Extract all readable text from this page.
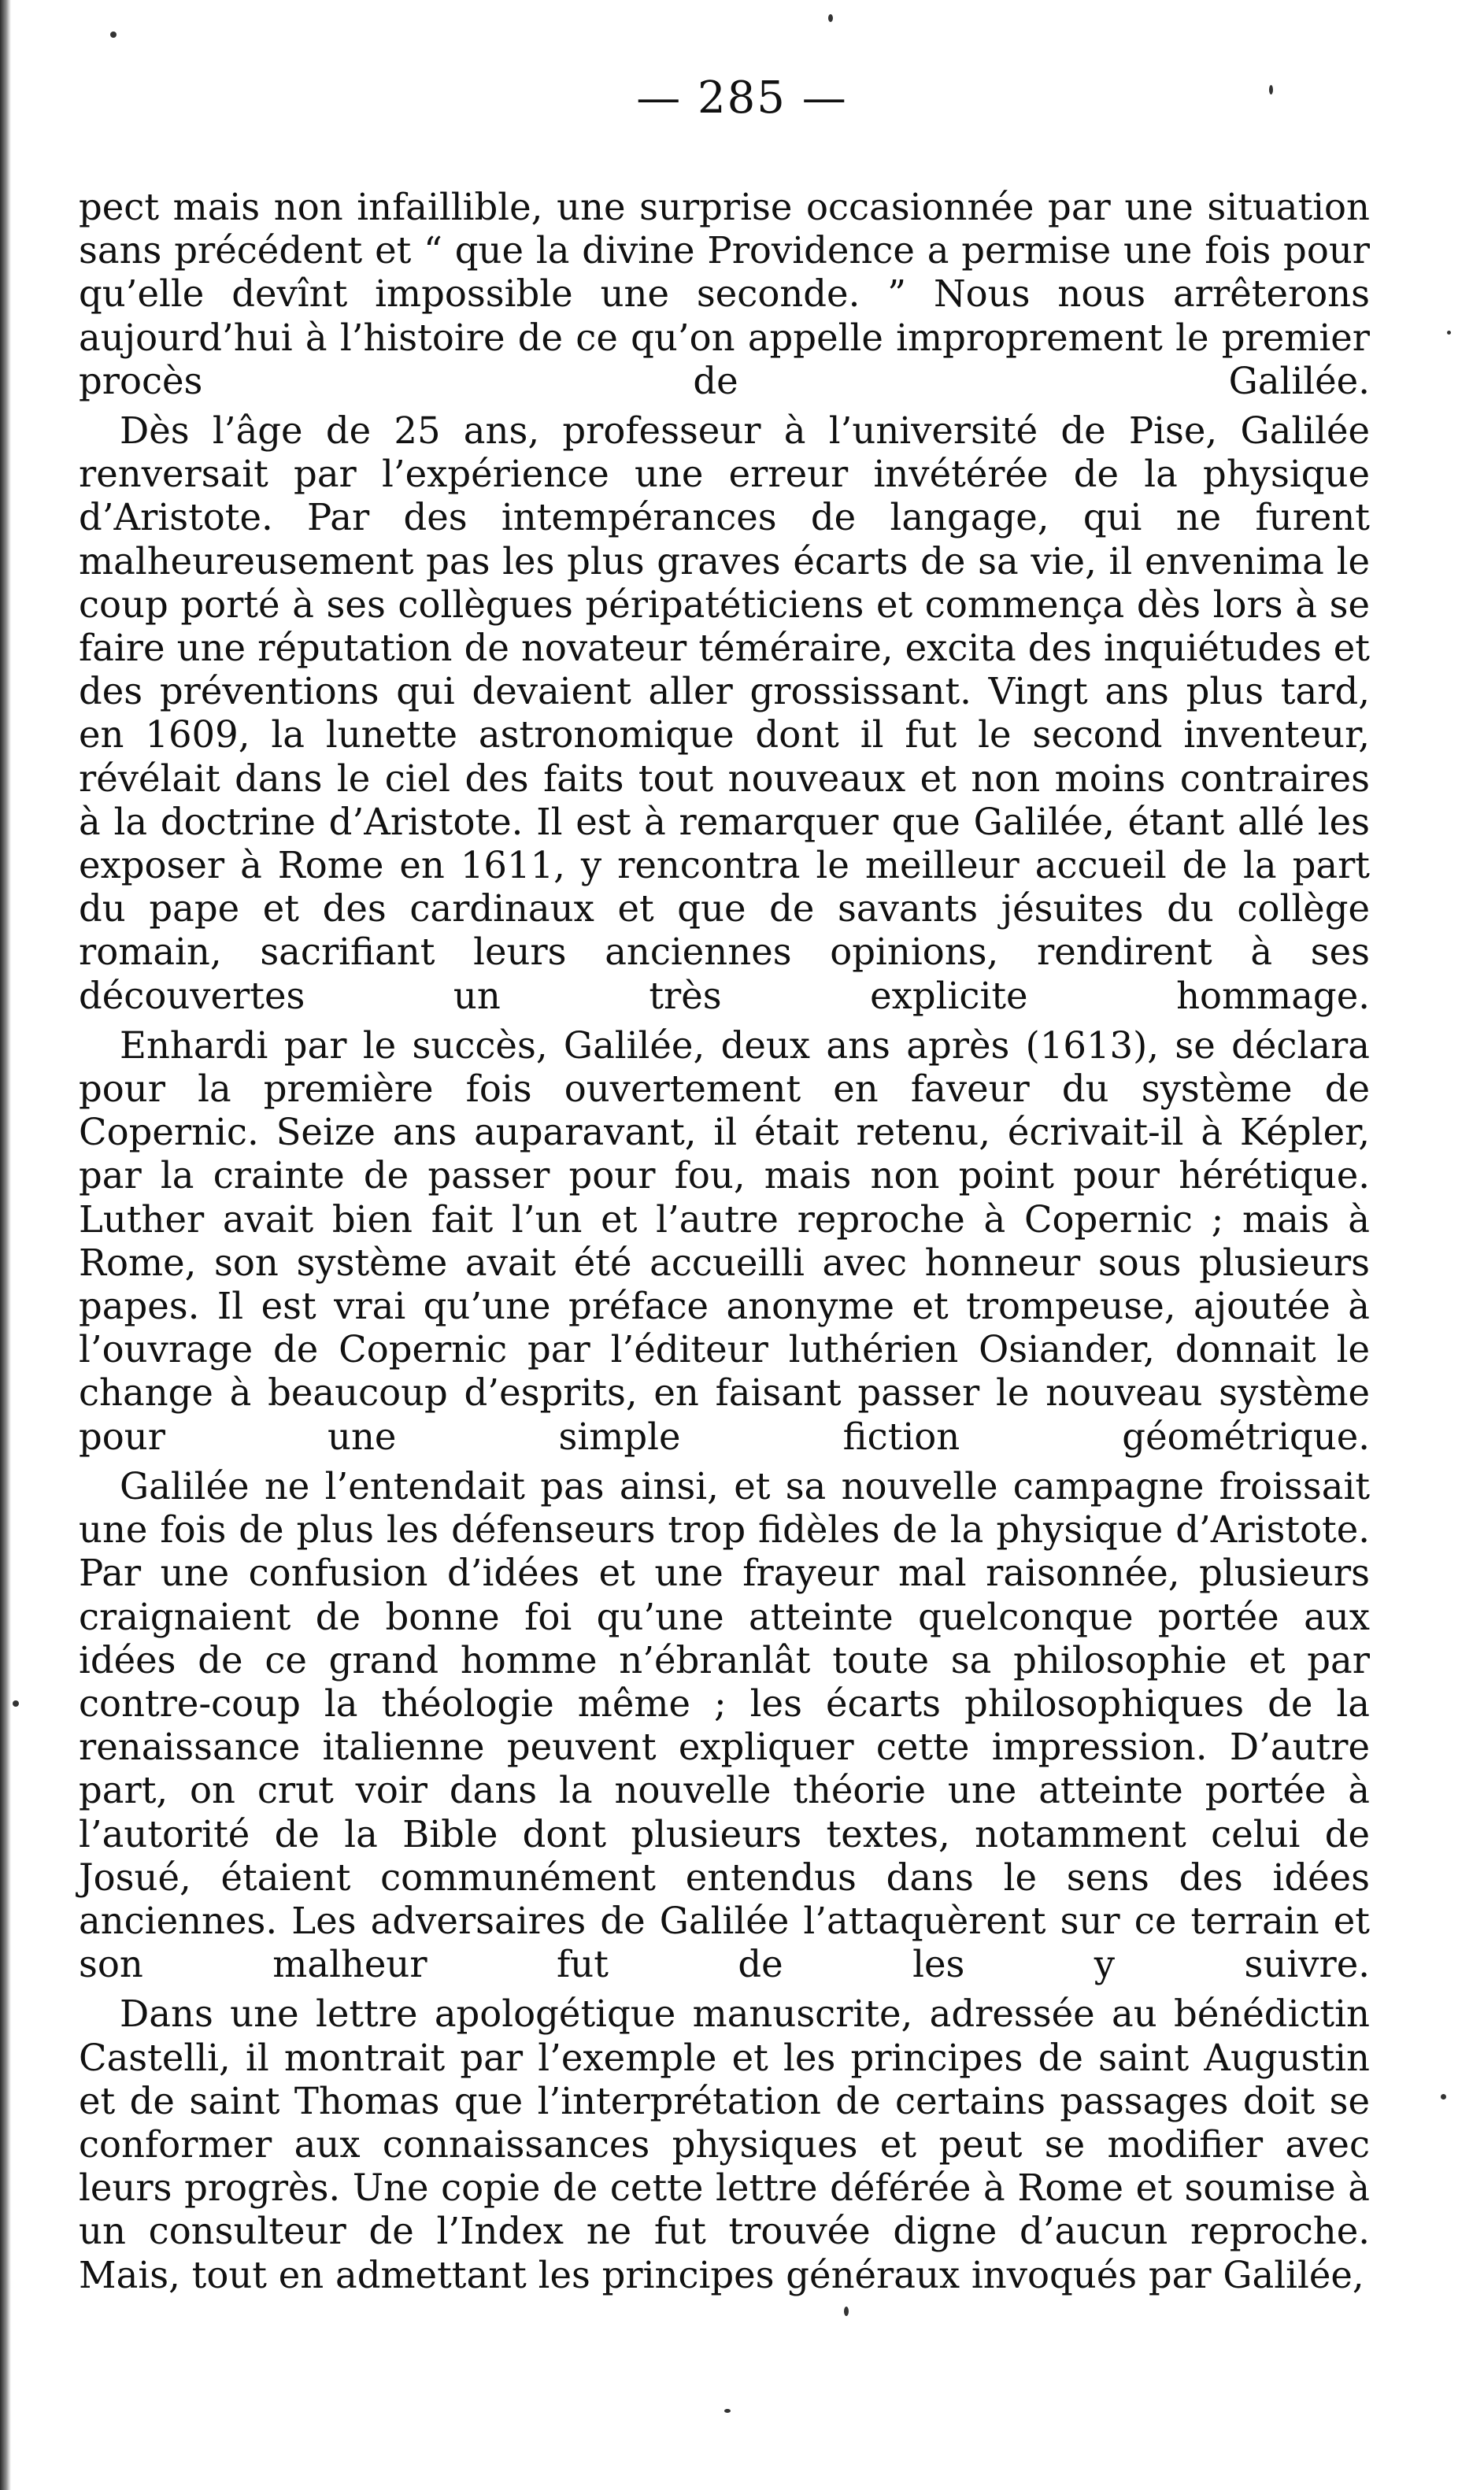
— 285 —

pect mais non infaillible, une surprise occasionnée par une situation sans précédent et “ que la divine Providence a permise une fois pour qu’elle devînt impossible une seconde. ” Nous nous arrêterons aujourd’hui à l’histoire de ce qu’on appelle improprement le premier procès de Galilée.

Dès l’âge de 25 ans, professeur à l’université de Pise, Galilée renversait par l’expérience une erreur invétérée de la physique d’Aristote. Par des intempérances de langage, qui ne furent malheureusement pas les plus graves écarts de sa vie, il envenima le coup porté à ses collègues péripatéticiens et commença dès lors à se faire une réputation de novateur téméraire, excita des inquiétudes et des préventions qui devaient aller grossissant. Vingt ans plus tard, en 1609, la lunette astronomique dont il fut le second inventeur, révélait dans le ciel des faits tout nouveaux et non moins contraires à la doctrine d’Aristote. Il est à remarquer que Galilée, étant allé les exposer à Rome en 1611, y rencontra le meilleur accueil de la part du pape et des cardinaux et que de savants jésuites du collège romain, sacrifiant leurs anciennes opinions, rendirent à ses découvertes un très explicite hommage.

Enhardi par le succès, Galilée, deux ans après (1613), se déclara pour la première fois ouvertement en faveur du système de Copernic. Seize ans auparavant, il était retenu, écrivait-il à Képler, par la crainte de passer pour fou, mais non point pour hérétique. Luther avait bien fait l’un et l’autre reproche à Copernic ; mais à Rome, son système avait été accueilli avec honneur sous plusieurs papes. Il est vrai qu’une préface anonyme et trompeuse, ajoutée à l’ouvrage de Copernic par l’éditeur luthérien Osiander, donnait le change à beaucoup d’esprits, en faisant passer le nouveau système pour une simple fiction géométrique.

Galilée ne l’entendait pas ainsi, et sa nouvelle campagne froissait une fois de plus les défenseurs trop fidèles de la physique d’Aristote. Par une confusion d’idées et une frayeur mal raisonnée, plusieurs craignaient de bonne foi qu’une atteinte quelconque portée aux idées de ce grand homme n’ébranlât toute sa philosophie et par contre-coup la théologie même ; les écarts philosophiques de la renaissance italienne peuvent expliquer cette impression. D’autre part, on crut voir dans la nouvelle théorie une atteinte portée à l’autorité de la Bible dont plusieurs textes, notamment celui de Josué, étaient communément entendus dans le sens des idées anciennes. Les adversaires de Galilée l’attaquèrent sur ce terrain et son malheur fut de les y suivre.

Dans une lettre apologétique manuscrite, adressée au bénédictin Castelli, il montrait par l’exemple et les principes de saint Augustin et de saint Thomas que l’interprétation de certains passages doit se conformer aux connaissances physiques et peut se modifier avec leurs progrès. Une copie de cette lettre déférée à Rome et soumise à un consulteur de l’Index ne fut trouvée digne d’aucun reproche. Mais, tout en admettant les principes généraux invoqués par Galilée,
